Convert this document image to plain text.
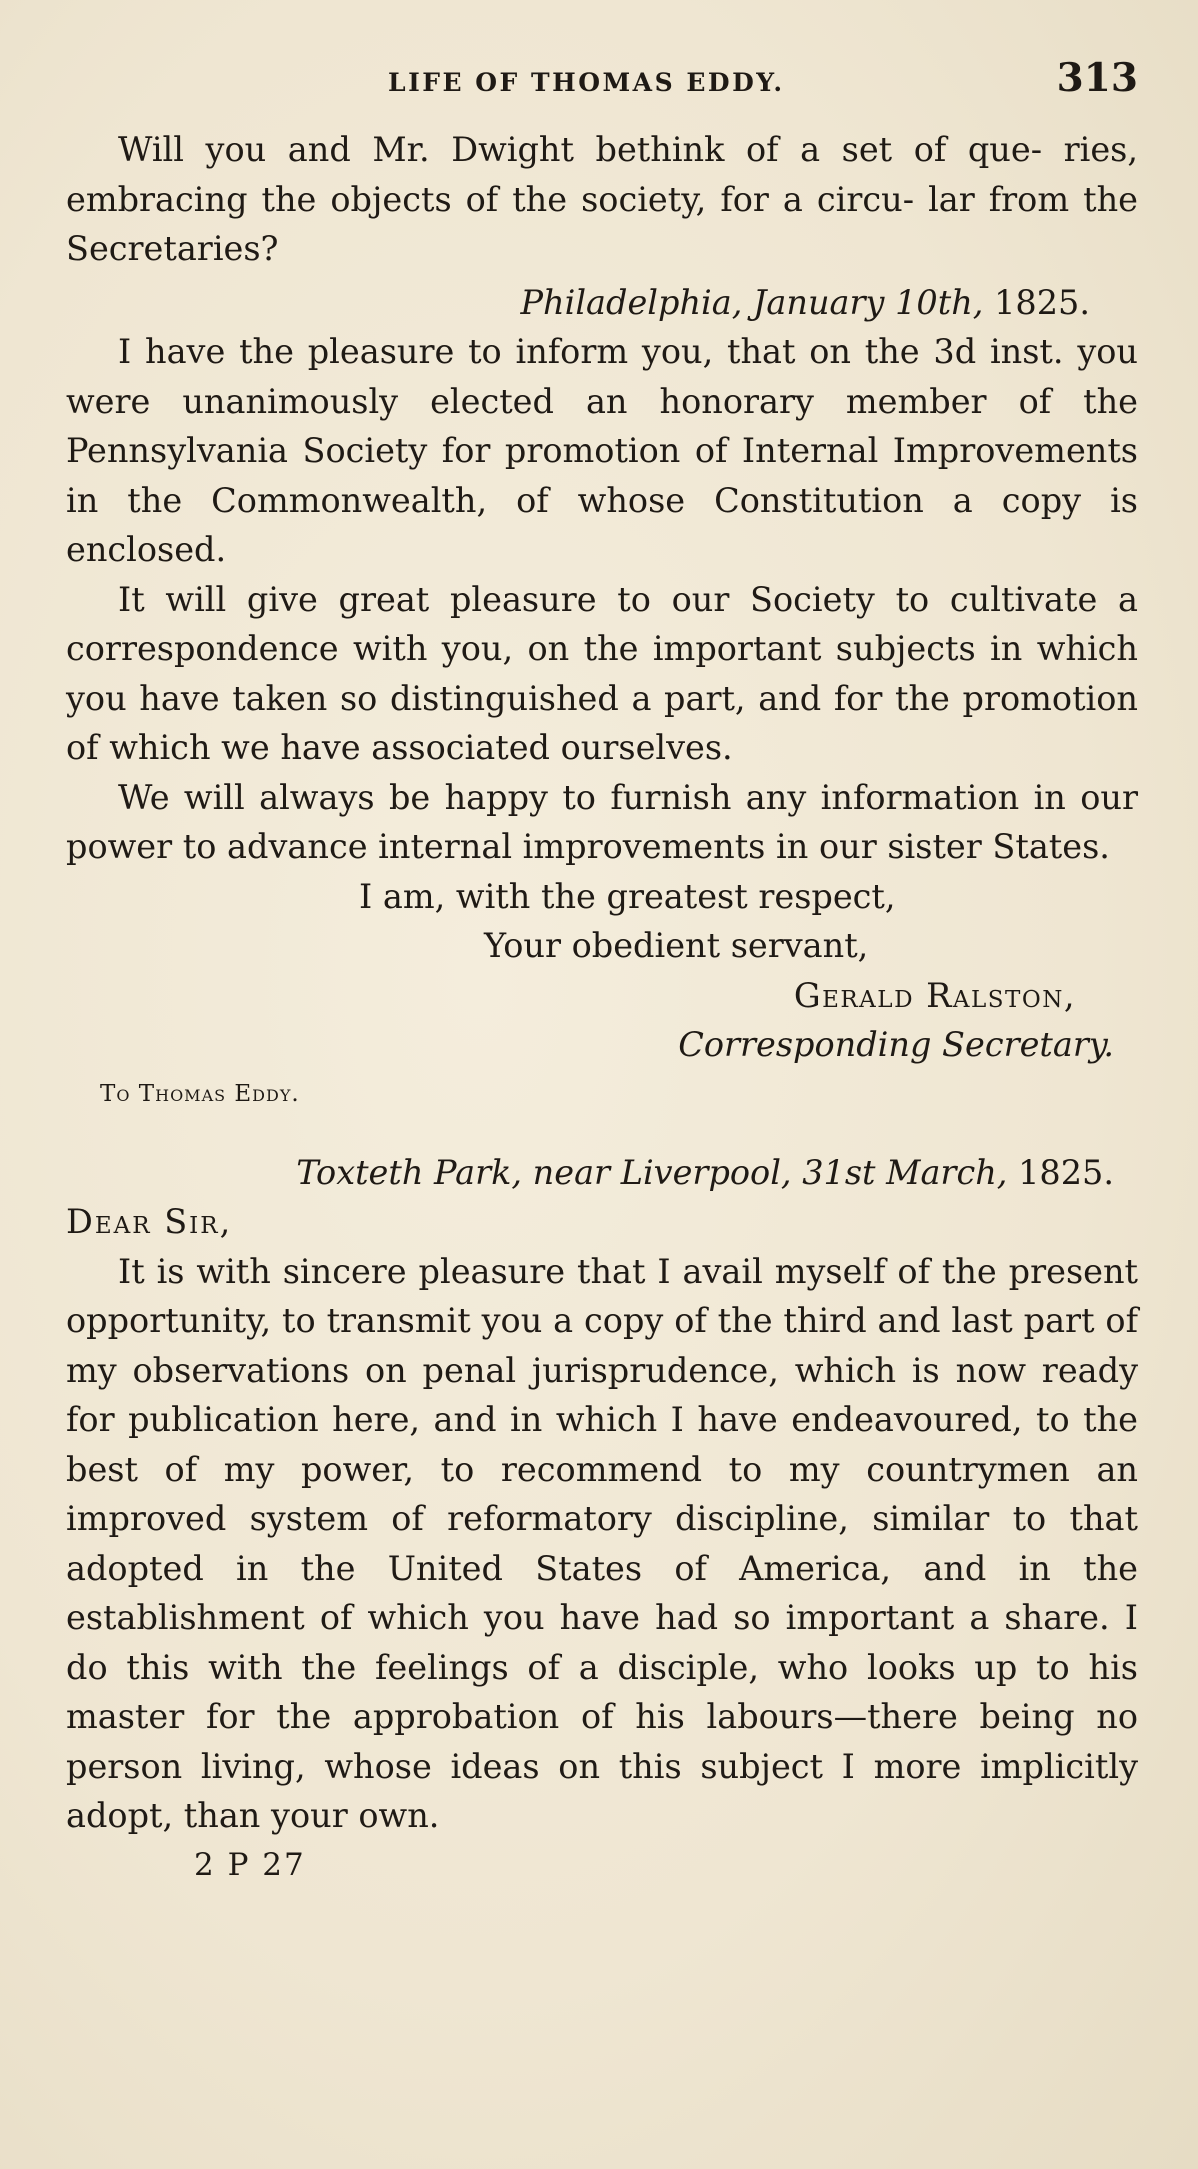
LIFE OF THOMAS EDDY.	313

Will you and Mr. Dwight bethink of a set of que- ries, embracing the objects of the society, for a circu- lar from the Secretaries?

Philadelphia, January 10th, 1825.

I have the pleasure to inform you, that on the 3d inst. you were unanimously elected an honorary member of the Pennsylvania Society for promotion of Internal Improvements in the Commonwealth, of whose Constitution a copy is enclosed.

It will give great pleasure to our Society to cultivate a correspondence with you, on the important subjects in which you have taken so distinguished a part, and for the promotion of which we have associated ourselves.

We will always be happy to furnish any information in our power to advance internal improvements in our sister States.

I am, with the greatest respect,

Your obedient servant,

Gerald Ralston,

Corresponding Secretary.

To Thomas Eddy.

Toxteth Park, near Liverpool, 31st March, 1825.

Dear Sir,

It is with sincere pleasure that I avail myself of the present opportunity, to transmit you a copy of the third and last part of my observations on penal jurisprudence, which is now ready for publication here, and in which I have endeavoured, to the best of my power, to recommend to my countrymen an improved system of reformatory discipline, similar to that adopted in the United States of America, and in the establishment of which you have had so important a share. I do this with the feelings of a disciple, who looks up to his master for the approbation of his labours—there being no person living, whose ideas on this subject I more implicitly adopt, than your own.

2 P 27
